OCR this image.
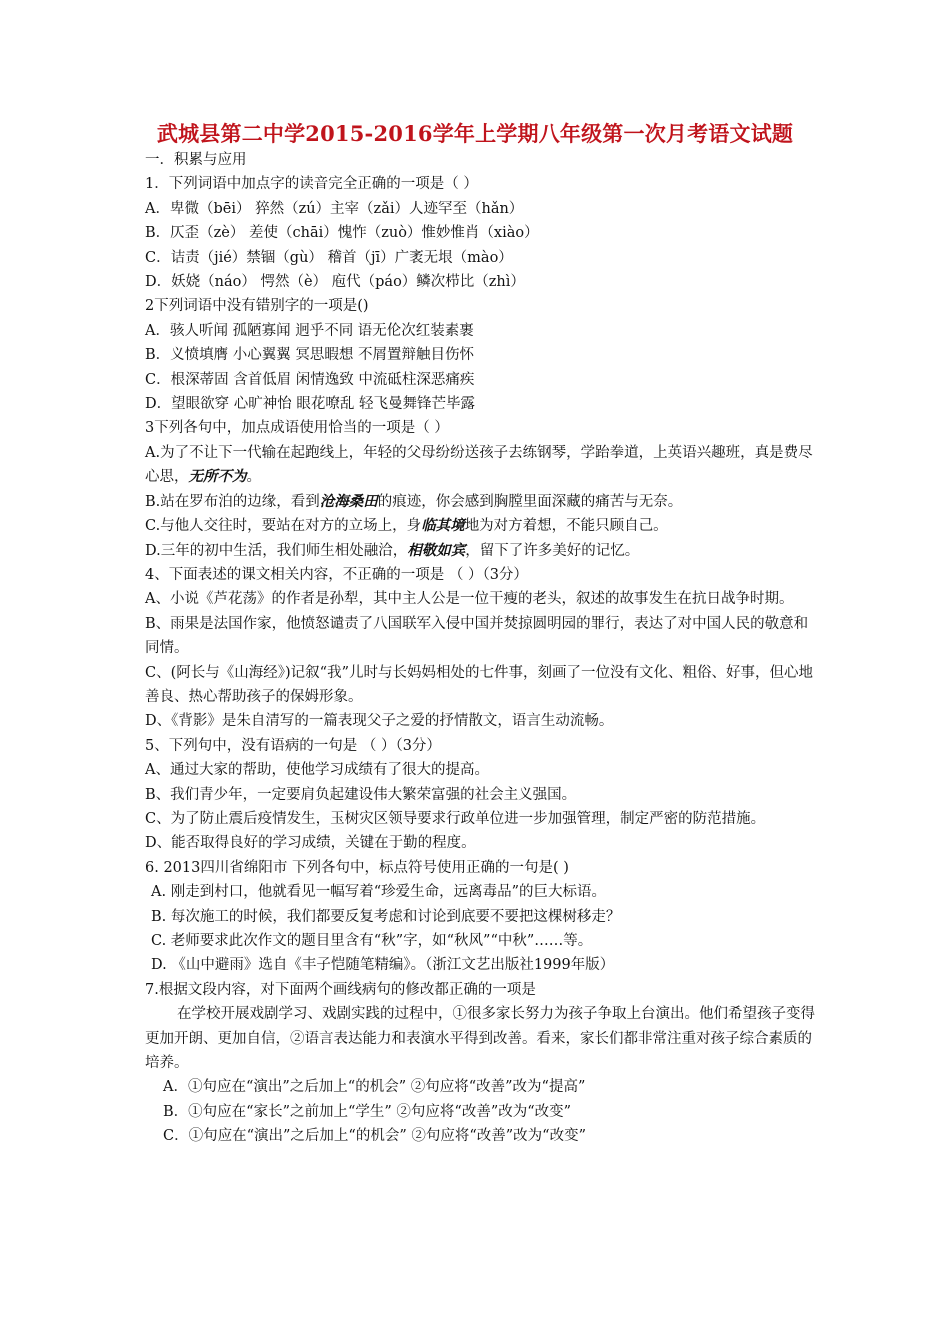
武城县第二中学2015-2016学年上学期八年级第一次月考语文试题
一．积累与应用
1．下列词语中加点字的读音完全正确的一项是（ ）
A．卑微（bēi） 猝然（zú）主宰（zǎi）人迹罕至（hǎn）
B．仄歪（zè） 差使（chāi）愧怍（zuò）惟妙惟肖（xiào）
C．诘责（jié）禁锢（gù） 稽首（jī）广袤无垠（mào）
D．妖娆（náo） 愕然（è） 庖代（páo）鳞次栉比（zhì）
2下列词语中没有错别字的一项是()
A．骇人听闻 孤陋寡闻 迥乎不同 语无伦次红装素裹
B．义愤填膺 小心翼翼 冥思暇想 不屑置辩触目伤怀
C．根深蒂固 含首低眉 闲情逸致 中流砥柱深恶痛疾
D．望眼欲穿 心旷神怡 眼花嘹乱 轻飞曼舞锋芒毕露
3下列各句中，加点成语使用恰当的一项是（ ）
A.为了不让下一代输在起跑线上，年轻的父母纷纷送孩子去练钢琴，学跆拳道，上英语兴趣班，真是费尽心思，无所不为。
B.站在罗布泊的边缘，看到沧海桑田的痕迹，你会感到胸膛里面深藏的痛苦与无奈。
C.与他人交往时，要站在对方的立场上，身临其境地为对方着想，不能只顾自己。
D.三年的初中生活，我们师生相处融洽，相敬如宾，留下了许多美好的记忆。
4、下面表述的课文相关内容，不正确的一项是 （ ）（3分）
A、小说《芦花荡》的作者是孙犁，其中主人公是一位干瘦的老头，叙述的故事发生在抗日战争时期。
B、雨果是法国作家，他愤怒谴责了八国联军入侵中国并焚掠圆明园的罪行，表达了对中国人民的敬意和同情。
C、(阿长与《山海经》)记叙“我”儿时与长妈妈相处的七件事，刻画了一位没有文化、粗俗、好事，但心地善良、热心帮助孩子的保姆形象。
D、《背影》是朱自清写的一篇表现父子之爱的抒情散文，语言生动流畅。
5、下列句中，没有语病的一句是 （ ）（3分）
A、通过大家的帮助，使他学习成绩有了很大的提高。
B、我们青少年，一定要肩负起建设伟大繁荣富强的社会主义强国。
C、为了防止震后疫情发生，玉树灾区领导要求行政单位进一步加强管理，制定严密的防范措施。
D、能否取得良好的学习成绩，关键在于勤的程度。
6. 2013四川省绵阳市 下列各句中，标点符号使用正确的一句是( )
A. 刚走到村口，他就看见一幅写着“珍爱生命，远离毒品”的巨大标语。
B. 每次施工的时候，我们都要反复考虑和讨论到底要不要把这棵树移走？
C. 老师要求此次作文的题目里含有“秋”字，如“秋风”“中秋”……等。
D. 《山中避雨》选自《丰子恺随笔精编》。（浙江文艺出版社1999年版）
7.根据文段内容，对下面两个画线病句的修改都正确的一项是
在学校开展戏剧学习、戏剧实践的过程中，①很多家长努力为孩子争取上台演出。他们希望孩子变得更加开朗、更加自信，②语言表达能力和表演水平得到改善。看来，家长们都非常注重对孩子综合素质的培养。
A．①句应在“演出”之后加上“的机会” ②句应将“改善”改为“提高”
B．①句应在“家长”之前加上“学生” ②句应将“改善”改为“改变”
C．①句应在“演出”之后加上“的机会” ②句应将“改善”改为“改变”
